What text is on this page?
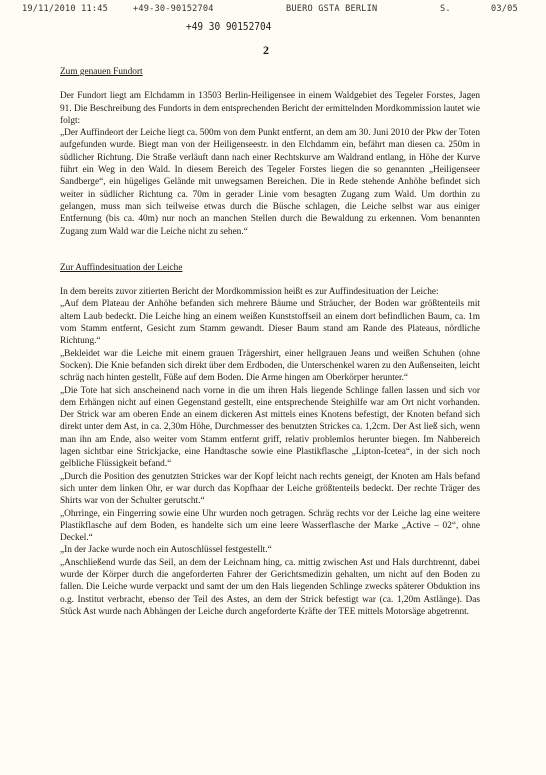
19/11/2010 11:45	+49-30-90152704	BUERO GSTA BERLIN	S.	03/05
+49 30 90152704
2
Zum genauen Fundort

Der Fundort liegt am Elchdamm in 13503 Berlin-Heiligensee in einem Waldgebiet des Tegeler Forstes, Jagen 91. Die Beschreibung des Fundorts in dem entsprechenden Bericht der ermittelnden Mordkommission lautet wie folgt:

„Der Auffindeort der Leiche liegt ca. 500m von dem Punkt entfernt, an dem am 30. Juni 2010 der Pkw der Toten aufgefunden wurde. Biegt man von der Heiligenseestr. in den Elchdamm ein, befährt man diesen ca. 250m in südlicher Richtung. Die Straße verläuft dann nach einer Rechtskurve am Waldrand entlang, in Höhe der Kurve führt ein Weg in den Wald. In diesem Bereich des Tegeler Forstes liegen die so genannten „Heiligenseer Sandberge“, ein hügeliges Gelände mit unwegsamen Bereichen. Die in Rede stehende Anhöhe befindet sich weiter in südlicher Richtung ca. 70m in gerader Linie vom besagten Zugang zum Wald. Um dorthin zu gelangen, muss man sich teilweise etwas durch die Büsche schlagen, die Leiche selbst war aus einiger Entfernung (bis ca. 40m) nur noch an manchen Stellen durch die Bewaldung zu erkennen. Vom benannten Zugang zum Wald war die Leiche nicht zu sehen.“

Zur Auffindesituation der Leiche

In dem bereits zuvor zitierten Bericht der Mordkommission heißt es zur Auffindesituation der Leiche:

„Auf dem Plateau der Anhöhe befanden sich mehrere Bäume und Sträucher, der Boden war größtenteils mit altem Laub bedeckt. Die Leiche hing an einem weißen Kunststoffseil an einem dort befindlichen Baum, ca. 1m vom Stamm entfernt, Gesicht zum Stamm gewandt. Dieser Baum stand am Rande des Plateaus, nördliche Richtung.“

„Bekleidet war die Leiche mit einem grauen Trägershirt, einer hellgrauen Jeans und weißen Schuhen (ohne Socken). Die Knie befanden sich direkt über dem Erdboden, die Unterschenkel waren zu den Außenseiten, leicht schräg nach hinten gestellt, Füße auf dem Boden. Die Arme hingen am Oberkörper herunter.“

„Die Tote hat sich anscheinend nach vorne in die um ihren Hals liegende Schlinge fallen lassen und sich vor dem Erhängen nicht auf einen Gegenstand gestellt, eine entsprechende Steighilfe war am Ort nicht vorhanden. Der Strick war am oberen Ende an einem dickeren Ast mittels eines Knotens befestigt, der Knoten befand sich direkt unter dem Ast, in ca. 2,30m Höhe, Durchmesser des benutzten Strickes ca. 1,2cm. Der Ast ließ sich, wenn man ihn am Ende, also weiter vom Stamm entfernt griff, relativ problemlos herunter biegen. Im Nahbereich lagen sichtbar eine Strickjacke, eine Handtasche sowie eine Plastikflasche „Lipton-Icetea“, in der sich noch gelbliche Flüssigkeit befand.“

„Durch die Position des genutzten Strickes war der Kopf leicht nach rechts geneigt, der Knoten am Hals befand sich unter dem linken Ohr, er war durch das Kopfhaar der Leiche größtenteils bedeckt. Der rechte Träger des Shirts war von der Schulter gerutscht.“

„Ohrringe, ein Fingerring sowie eine Uhr wurden noch getragen. Schräg rechts vor der Leiche lag eine weitere Plastikflasche auf dem Boden, es handelte sich um eine leere Wasserflasche der Marke „Active – 02“, ohne Deckel.“

„In der Jacke wurde noch ein Autoschlüssel festgestellt.“

„Anschließend wurde das Seil, an dem der Leichnam hing, ca. mittig zwischen Ast und Hals durchtrennt, dabei wurde der Körper durch die angeforderten Fahrer der Gerichtsmedizin gehalten, um nicht auf den Boden zu fallen. Die Leiche wurde verpackt und samt der um den Hals liegenden Schlinge zwecks späterer Obduktion ins o.g. Institut verbracht, ebenso der Teil des Astes, an dem der Strick befestigt war (ca. 1,20m Astlänge). Das Stück Ast wurde nach Abhängen der Leiche durch angeforderte Kräfte der TEE mittels Motorsäge abgetrennt.
